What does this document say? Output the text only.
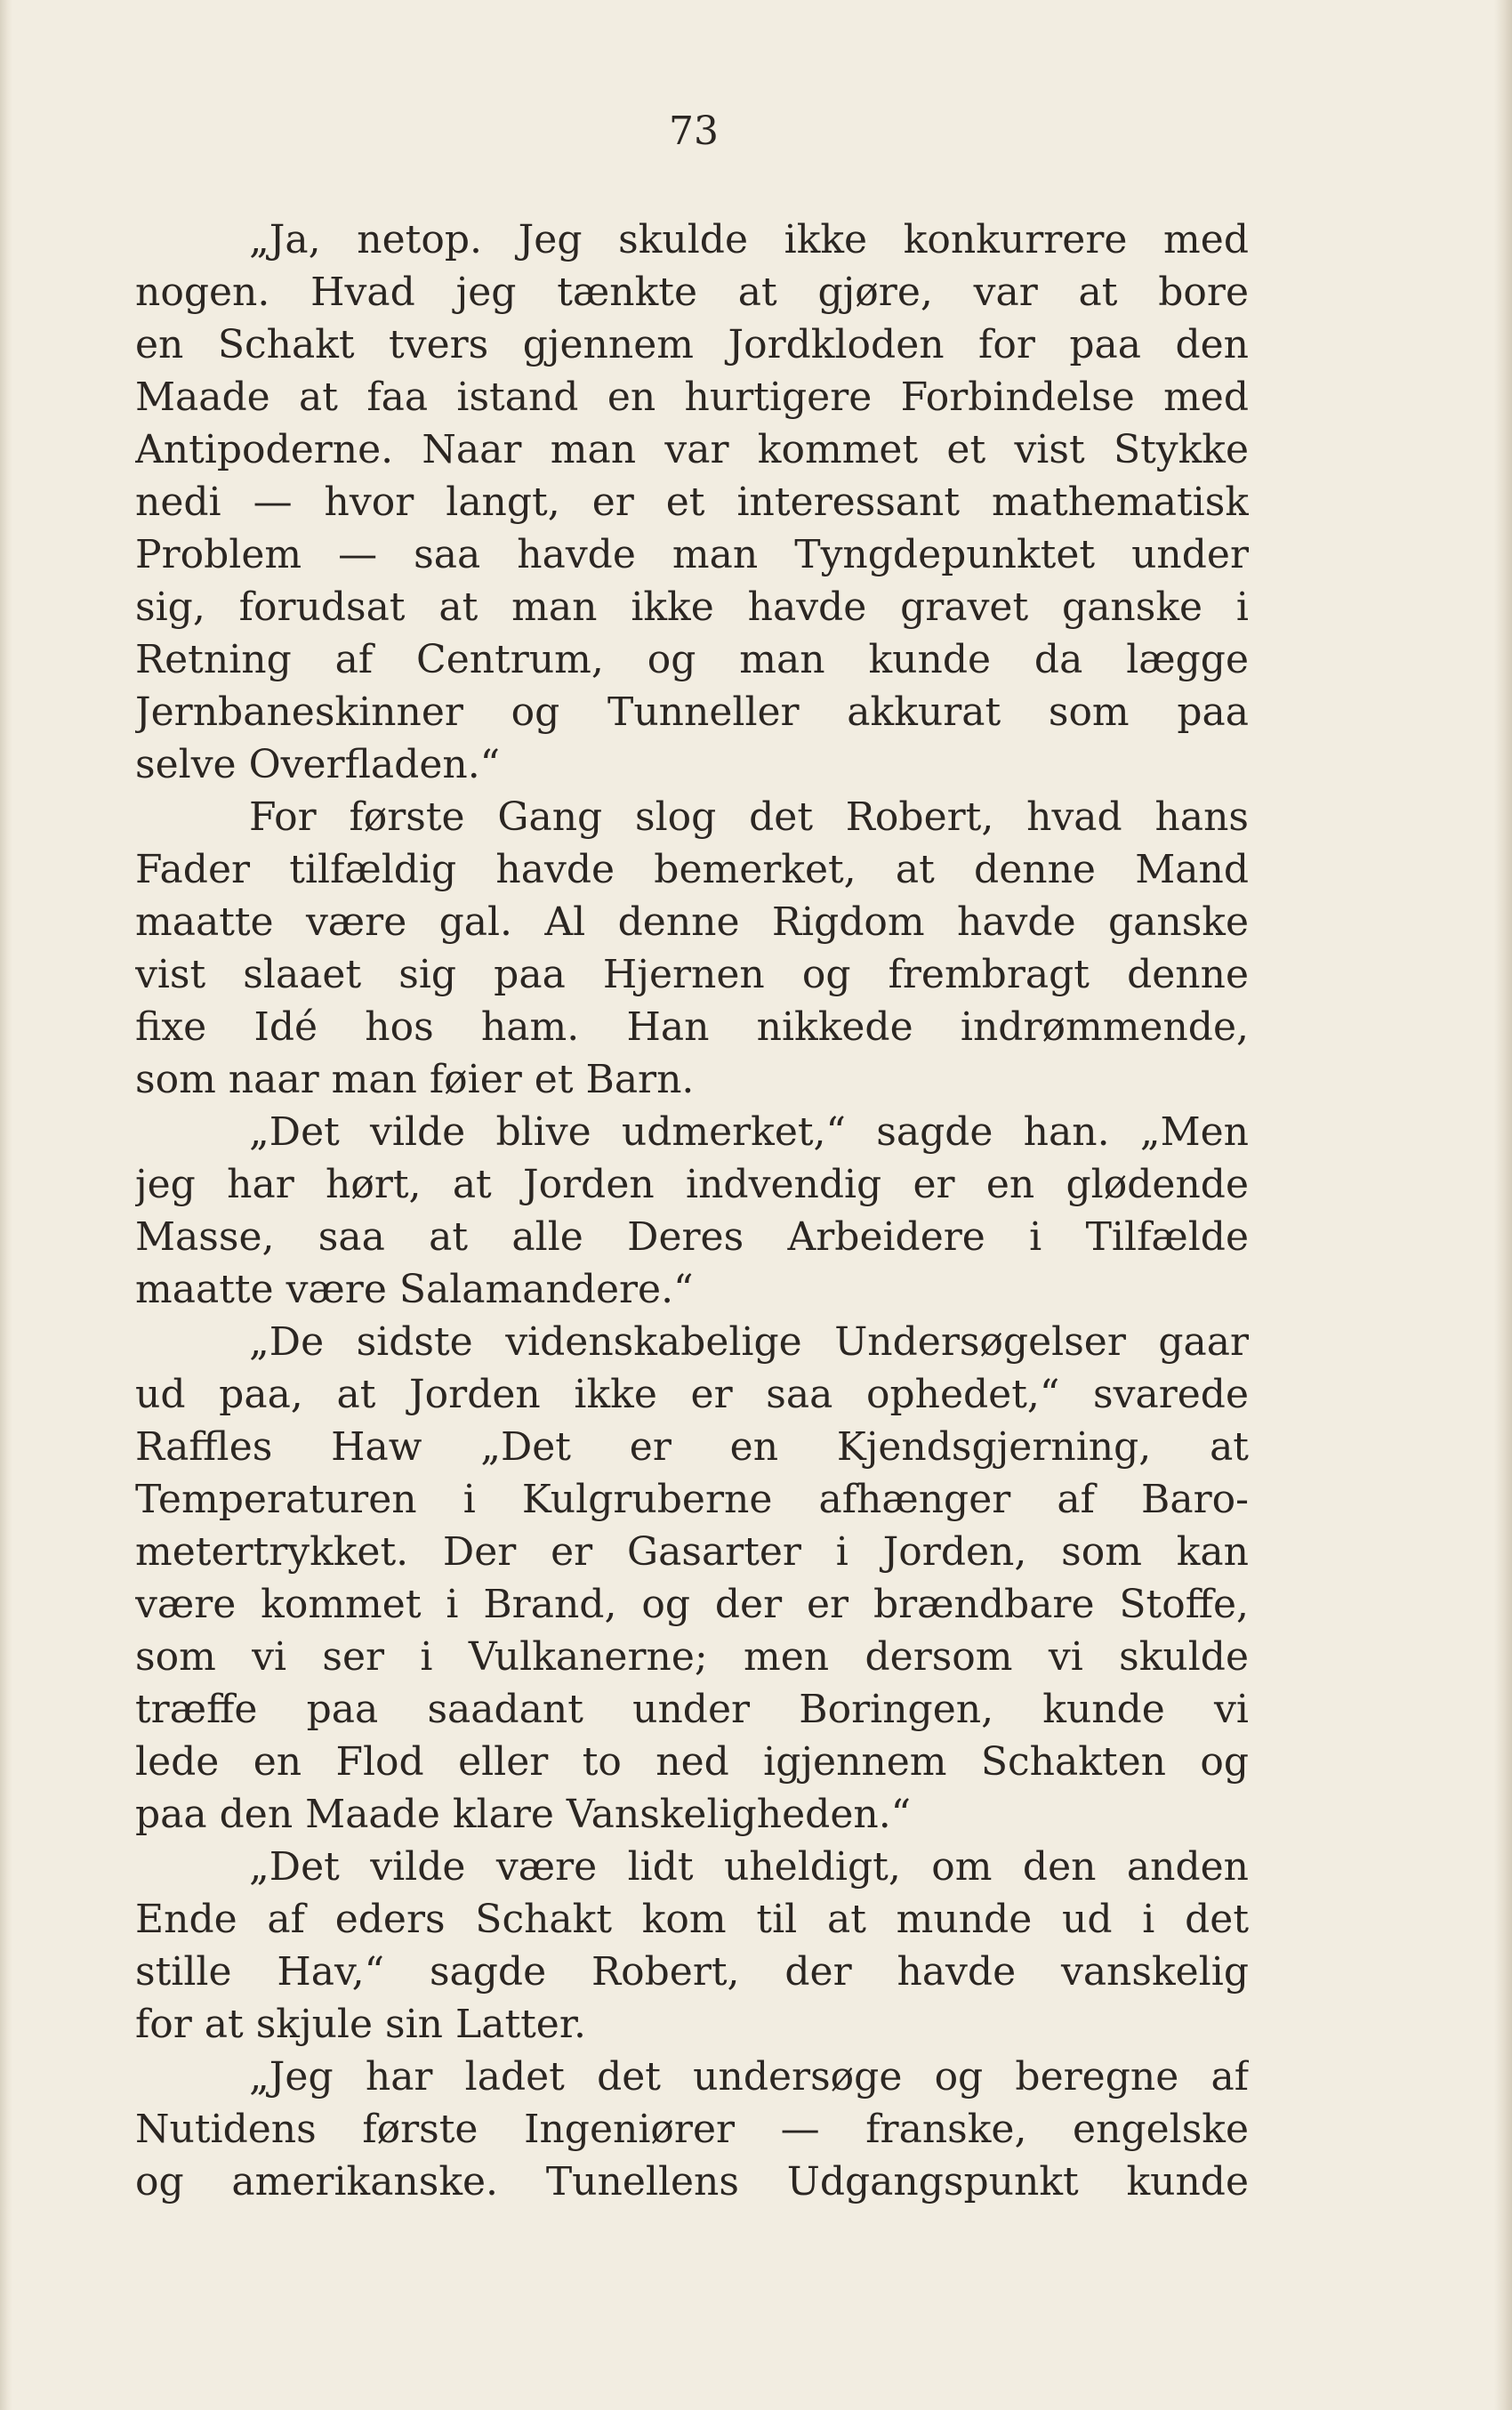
73
„Ja, netop. Jeg skulde ikke konkurrere med
nogen. Hvad jeg tænkte at gjøre, var at bore
en Schakt tvers gjennem Jordkloden for paa den
Maade at faa istand en hurtigere Forbindelse med
Antipoderne. Naar man var kommet et vist Stykke
nedi — hvor langt, er et interessant mathematisk
Problem — saa havde man Tyngdepunktet under
sig, forudsat at man ikke havde gravet ganske i
Retning af Centrum, og man kunde da lægge
Jernbaneskinner og Tunneller akkurat som paa
selve Overfladen.“
For første Gang slog det Robert, hvad hans
Fader tilfældig havde bemerket, at denne Mand
maatte være gal. Al denne Rigdom havde ganske
vist slaaet sig paa Hjernen og frembragt denne
fixe Idé hos ham. Han nikkede indrømmende,
som naar man føier et Barn.
„Det vilde blive udmerket,“ sagde han. „Men
jeg har hørt, at Jorden indvendig er en glødende
Masse, saa at alle Deres Arbeidere i Tilfælde
maatte være Salamandere.“
„De sidste videnskabelige Undersøgelser gaar
ud paa, at Jorden ikke er saa ophedet,“ svarede
Raffles Haw „Det er en Kjendsgjerning, at
Temperaturen i Kulgruberne afhænger af Baro-
metertrykket. Der er Gasarter i Jorden, som kan
være kommet i Brand, og der er brændbare Stoffe,
som vi ser i Vulkanerne; men dersom vi skulde
træffe paa saadant under Boringen, kunde vi
lede en Flod eller to ned igjennem Schakten og
paa den Maade klare Vanskeligheden.“
„Det vilde være lidt uheldigt, om den anden
Ende af eders Schakt kom til at munde ud i det
stille Hav,“ sagde Robert, der havde vanskelig
for at skjule sin Latter.
„Jeg har ladet det undersøge og beregne af
Nutidens første Ingeniører — franske, engelske
og amerikanske. Tunellens Udgangspunkt kunde
